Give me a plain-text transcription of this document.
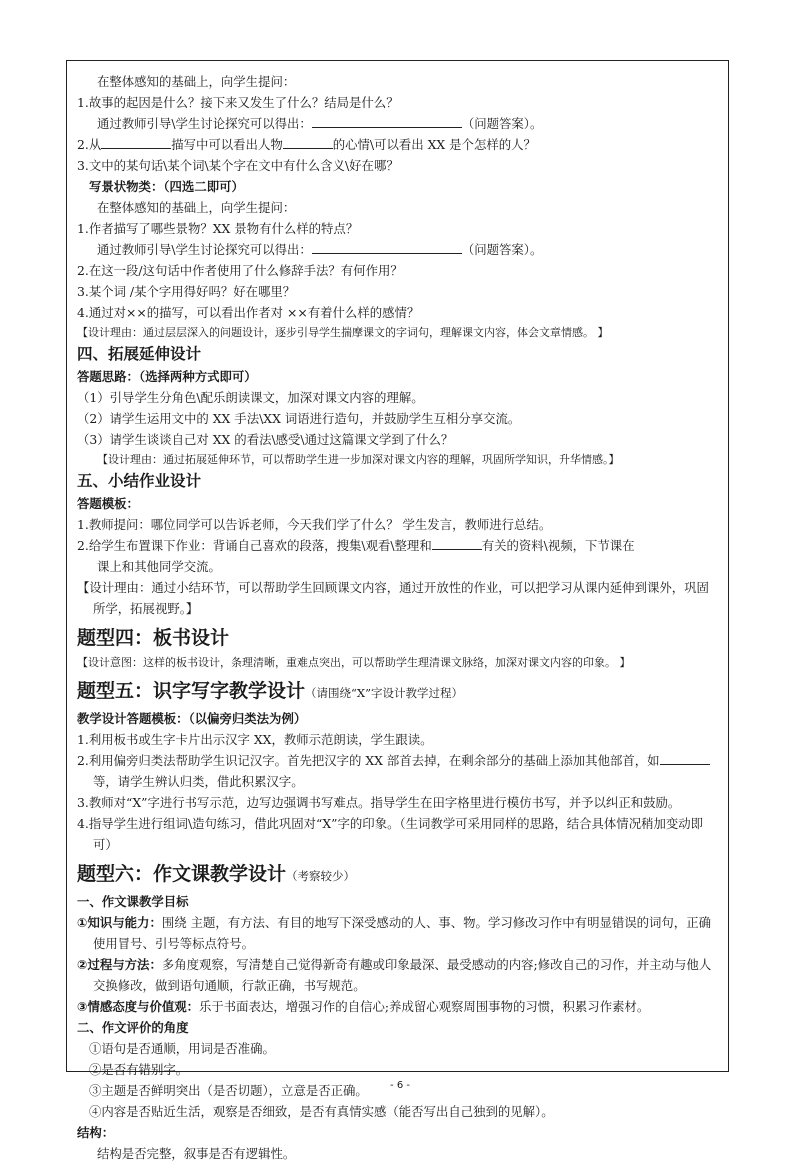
在整体感知的基础上，向学生提问：
1.故事的起因是什么？接下来又发生了什么？结局是什么？
通过教师引导\学生讨论探究可以得出：	（问题答案）。
2.从	描写中可以看出人物	的心情\可以看出 XX 是个怎样的人？
3.文中的某句话\某个词\某个字在文中有什么含义\好在哪？
写景状物类：（四选二即可）
在整体感知的基础上，向学生提问：
1.作者描写了哪些景物？XX 景物有什么样的特点？
通过教师引导\学生讨论探究可以得出：	（问题答案）。
2.在这一段/这句话中作者使用了什么修辞手法？有何作用？
3.某个词 /某个字用得好吗？好在哪里？
4.通过对××的描写，可以看出作者对 ××有着什么样的感情？
【设计理由：通过层层深入的问题设计，逐步引导学生揣摩课文的字词句，理解课文内容，体会文章情感。 】
四、拓展延伸设计
答题思路：（选择两种方式即可）
（1）引导学生分角色\配乐朗读课文，加深对课文内容的理解。
（2）请学生运用文中的 XX 手法\XX 词语进行造句，并鼓励学生互相分享交流。
（3）请学生谈谈自己对 XX 的看法\感受\通过这篇课文学到了什么？
【设计理由：通过拓展延伸环节，可以帮助学生进一步加深对课文内容的理解，巩固所学知识，升华情感。】
五、小结作业设计
答题模板：
1.教师提问：哪位同学可以告诉老师，今天我们学了什么？ 学生发言，教师进行总结。
2.给学生布置课下作业：背诵自己喜欢的段落，搜集\观看\整理和	有关的资料\视频，下节课在
课上和其他同学交流。
【设计理由：通过小结环节，可以帮助学生回顾课文内容，通过开放性的作业，可以把学习从课内延伸到课外，巩固所学，拓展视野。】
题型四：板书设计
【设计意图：这样的板书设计，条理清晰，重难点突出，可以帮助学生理清课文脉络，加深对课文内容的印象。 】
题型五：识字写字教学设计（请围绕“X”字设计教学过程）
教学设计答题模板：（以偏旁归类法为例）
1.利用板书或生字卡片出示汉字 XX，教师示范朗读，学生跟读。
2.利用偏旁归类法帮助学生识记汉字。首先把汉字的 XX 部首去掉，在剩余部分的基础上添加其他部首，如等，请学生辨认归类，借此积累汉字。
3.教师对“X”字进行书写示范，边写边强调书写难点。指导学生在田字格里进行模仿书写，并予以纠正和鼓励。
4.指导学生进行组词\造句练习，借此巩固对“X”字的印象。（生词教学可采用同样的思路，结合具体情况稍加变动即可）
题型六：作文课教学设计（考察较少）
一、作文课教学目标
①知识与能力：围绕 主题，有方法、有目的地写下深受感动的人、事、物。学习修改习作中有明显错误的词句，正确使用冒号、引号等标点符号。
②过程与方法：多角度观察，写清楚自己觉得新奇有趣或印象最深、最受感动的内容;修改自己的习作，并主动与他人交换修改，做到语句通顺，行款正确，书写规范。
③情感态度与价值观：乐于书面表达，增强习作的自信心;养成留心观察周围事物的习惯，积累习作素材。
二、作文评价的角度
①语句是否通顺，用词是否准确。
②是否有错别字。
③主题是否鲜明突出（是否切题），立意是否正确。
④内容是否贴近生活，观察是否细致，是否有真情实感（能否写出自己独到的见解）。
结构：
结构是否完整，叙事是否有逻辑性。
- 6 -
